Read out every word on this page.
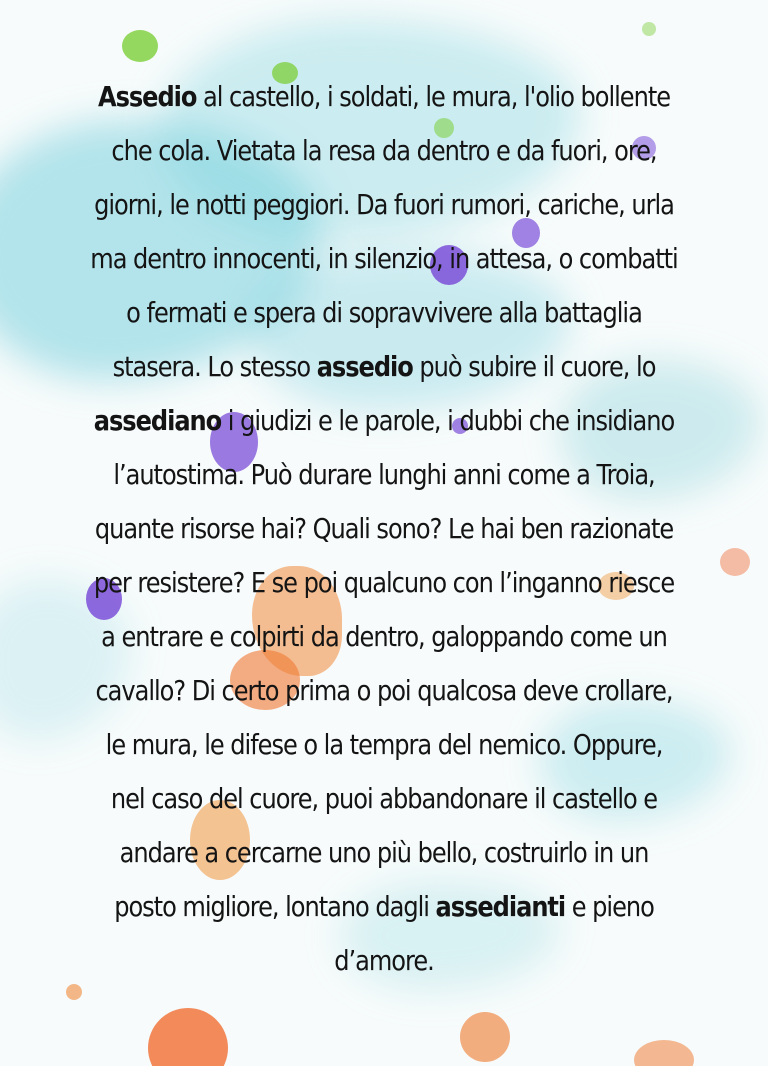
Assedio al castello, i soldati, le mura, l'olio bollente
che cola. Vietata la resa da dentro e da fuori, ore,
giorni, le notti peggiori. Da fuori rumori, cariche, urla
ma dentro innocenti, in silenzio, in attesa, o combatti
o fermati e spera di sopravvivere alla battaglia
stasera. Lo stesso assedio può subire il cuore, lo
assediano i giudizi e le parole, i dubbi che insidiano
l’autostima. Può durare lunghi anni come a Troia,
quante risorse hai? Quali sono? Le hai ben razionate
per resistere? E se poi qualcuno con l’inganno riesce
a entrare e colpirti da dentro, galoppando come un
cavallo? Di certo prima o poi qualcosa deve crollare,
le mura, le difese o la tempra del nemico. Oppure,
nel caso del cuore, puoi abbandonare il castello e
andare a cercarne uno più bello, costruirlo in un
posto migliore, lontano dagli assedianti e pieno
d’amore.
